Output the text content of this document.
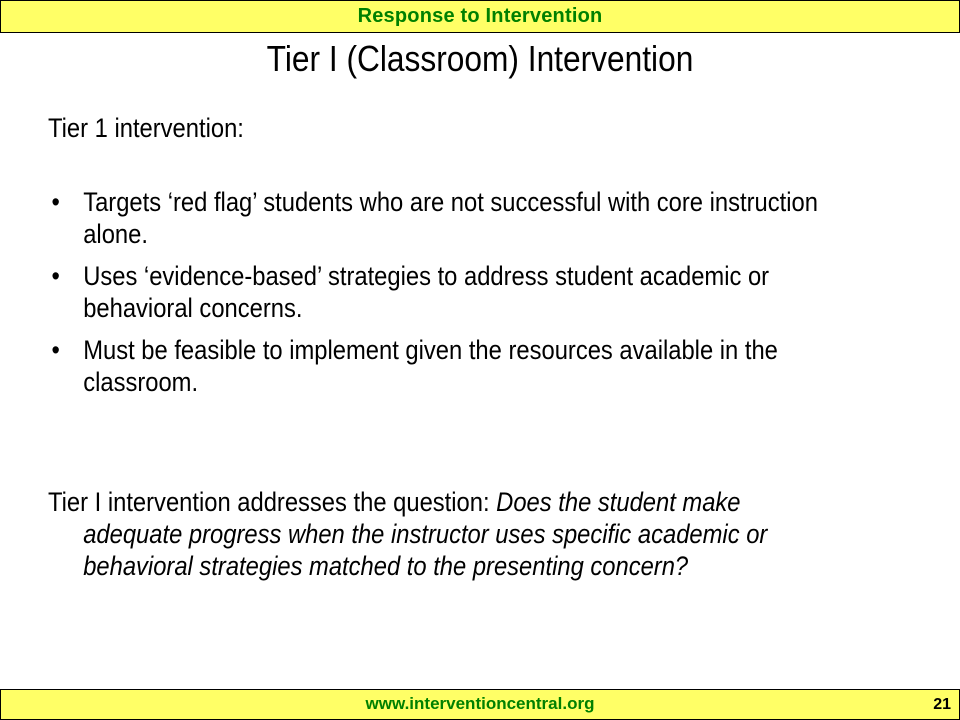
Response to Intervention
Tier I (Classroom) Intervention

Tier 1 intervention:

• Targets ‘red flag’ students who are not successful with core instruction alone.
• Uses ‘evidence-based’ strategies to address student academic or behavioral concerns.
• Must be feasible to implement given the resources available in the classroom.

Tier I intervention addresses the question: Does the student make adequate progress when the instructor uses specific academic or behavioral strategies matched to the presenting concern?

www.interventioncentral.org	21
